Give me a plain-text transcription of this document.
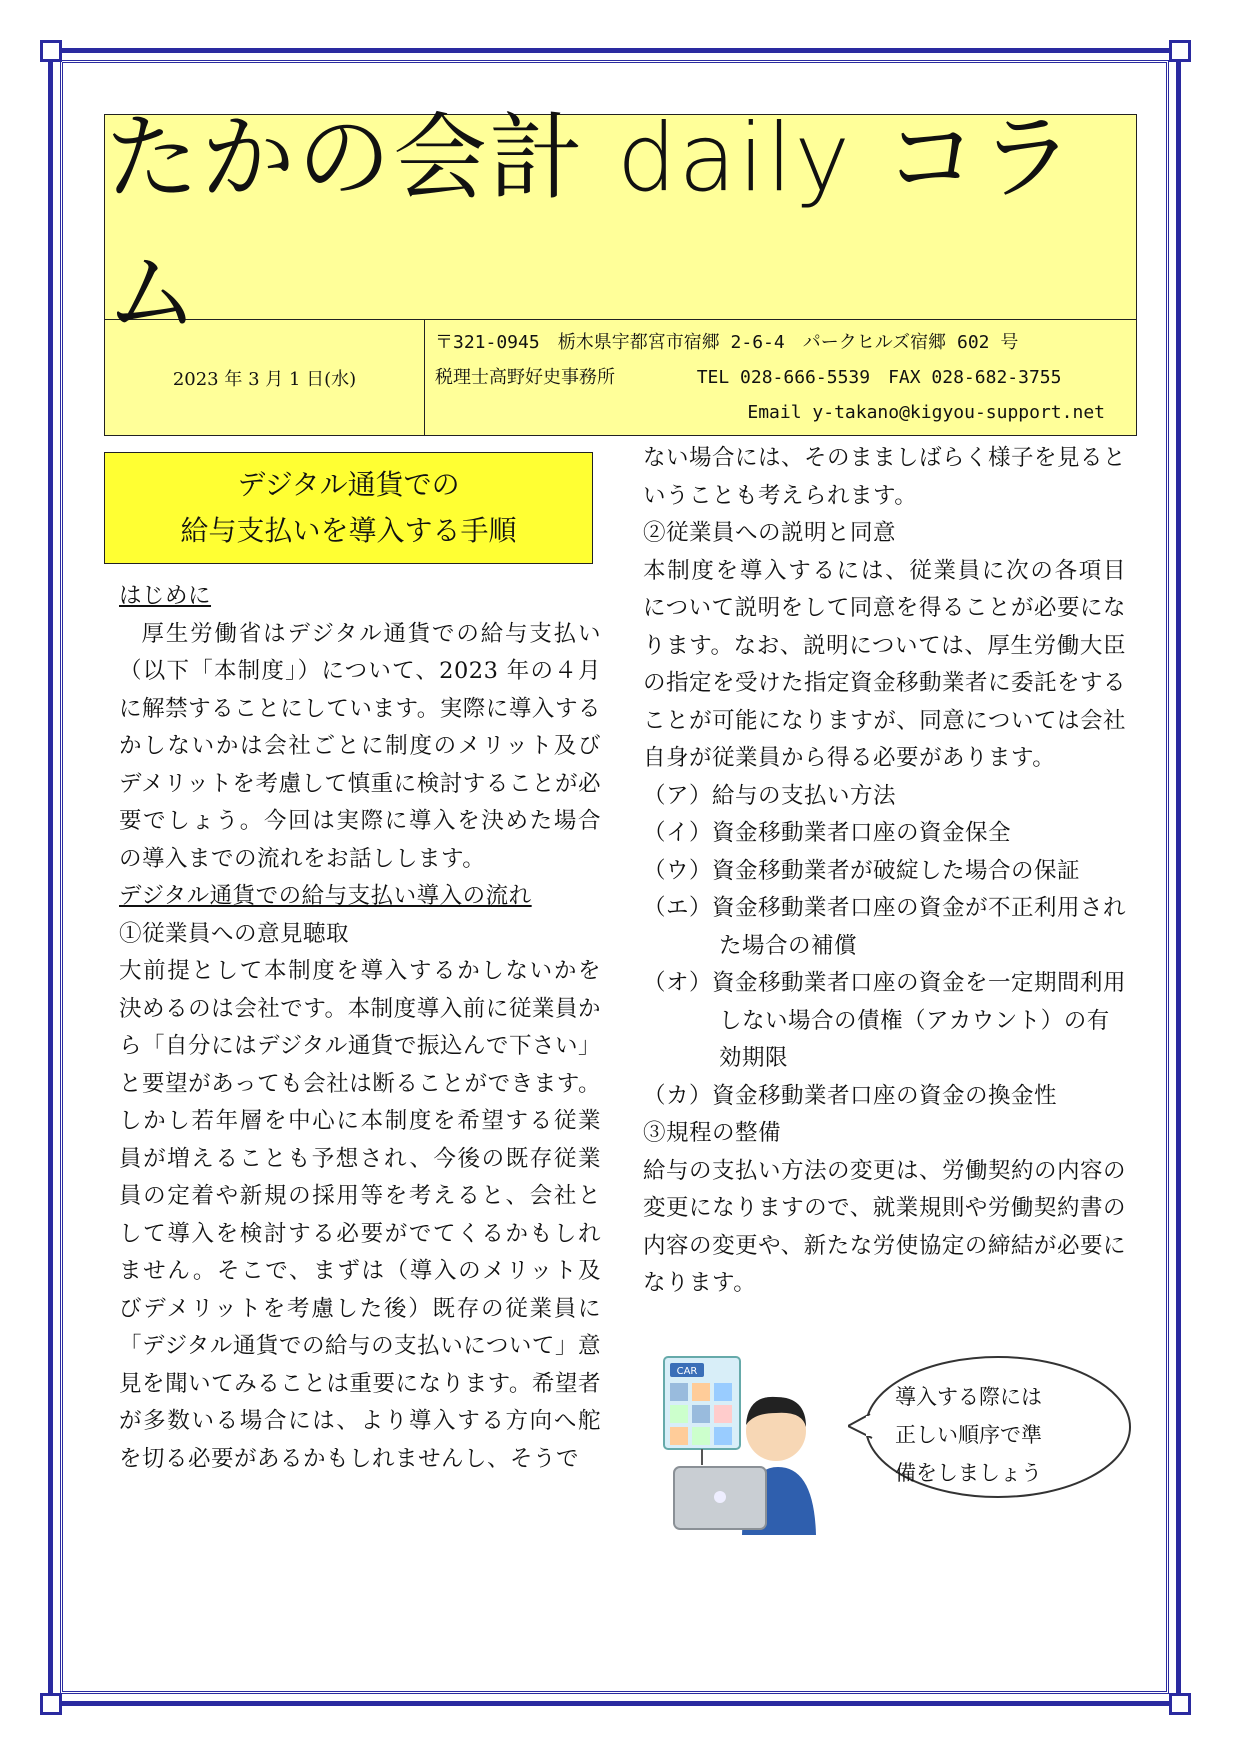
たかの会計 daily コラム
2023 年 3 月 1 日(水)
〒321-0945　栃木県宇都宮市宿郷 2-6-4　パークヒルズ宿郷 602 号
税理士高野好史事務所	TEL 028-666-5539　FAX 028-682-3755
Email y-takano@kigyou-support.net
デジタル通貨での
給与支払いを導入する手順

はじめに

厚生労働省はデジタル通貨での給与支払い（以下「本制度」）について、2023 年の４月に解禁することにしています。実際に導入するかしないかは会社ごとに制度のメリット及びデメリットを考慮して慎重に検討することが必要でしょう。今回は実際に導入を決めた場合の導入までの流れをお話しします。

デジタル通貨での給与支払い導入の流れ

①従業員への意見聴取

大前提として本制度を導入するかしないかを決めるのは会社です。本制度導入前に従業員から「自分にはデジタル通貨で振込んで下さい」と要望があっても会社は断ることができます。しかし若年層を中心に本制度を希望する従業員が増えることも予想され、今後の既存従業員の定着や新規の採用等を考えると、会社として導入を検討する必要がでてくるかもしれません。そこで、まずは（導入のメリット及びデメリットを考慮した後）既存の従業員に「デジタル通貨での給与の支払いについて」意見を聞いてみることは重要になります。希望者が多数いる場合には、より導入する方向へ舵を切る必要があるかもしれませんし、そうで

ない場合には、そのまましばらく様子を見るということも考えられます。

②従業員への説明と同意

本制度を導入するには、従業員に次の各項目について説明をして同意を得ることが必要になります。なお、説明については、厚生労働大臣の指定を受けた指定資金移動業者に委託をすることが可能になりますが、同意については会社自身が従業員から得る必要があります。

（ア）給与の支払い方法

（イ）資金移動業者口座の資金保全

（ウ）資金移動業者が破綻した場合の保証

（エ）資金移動業者口座の資金が不正利用された場合の補償

（オ）資金移動業者口座の資金を一定期間利用しない場合の債権（アカウント）の有効期限

（カ）資金移動業者口座の資金の換金性

③規程の整備

給与の支払い方法の変更は、労働契約の内容の変更になりますので、就業規則や労働契約書の内容の変更や、新たな労使協定の締結が必要になります。

CAR
導入する際には
正しい順序で準
備をしましょう
